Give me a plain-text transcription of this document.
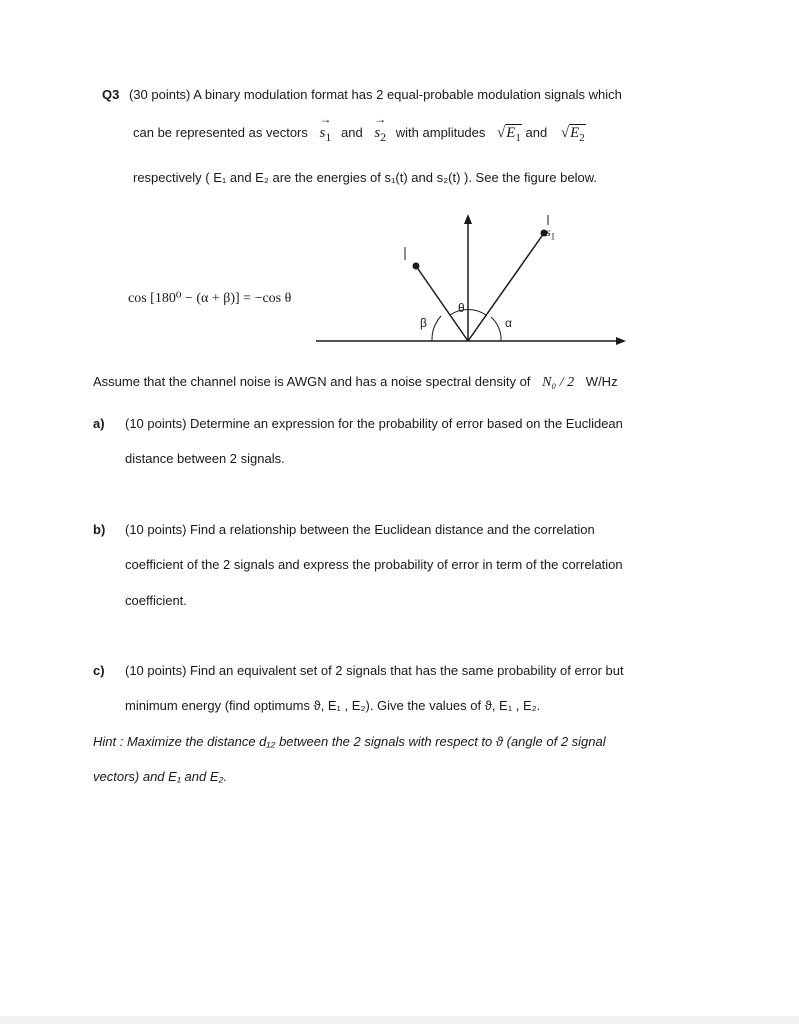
Q3 (30 points) A binary modulation format has 2 equal-probable modulation signals which
can be represented as vectors → $s_1$ and → $s_2$ with amplitudes $√E_1$ and $√E_2$
respectively ( E₁ and E₂ are the energies of s₁(t) and s₂(t) ). See the figure below.
cos [180⁰ − (α + β)] = −cos θ
θ
β	α
$s_1$
Assume that the channel noise is AWGN and has a noise spectral density of N₀ / 2 W/Hz
a) (10 points) Determine an expression for the probability of error based on the Euclidean
distance between 2 signals.
b) (10 points) Find a relationship between the Euclidean distance and the correlation
coefficient of the 2 signals and express the probability of error in term of the correlation
coefficient.
c) (10 points) Find an equivalent set of 2 signals that has the same probability of error but
minimum energy (find optimums ϑ, E₁ , E₂). Give the values of ϑ, E₁ , E₂.
Hint : Maximize the distance d₁₂ between the 2 signals with respect to ϑ (angle of 2 signal
vectors) and E₁ and E₂.
